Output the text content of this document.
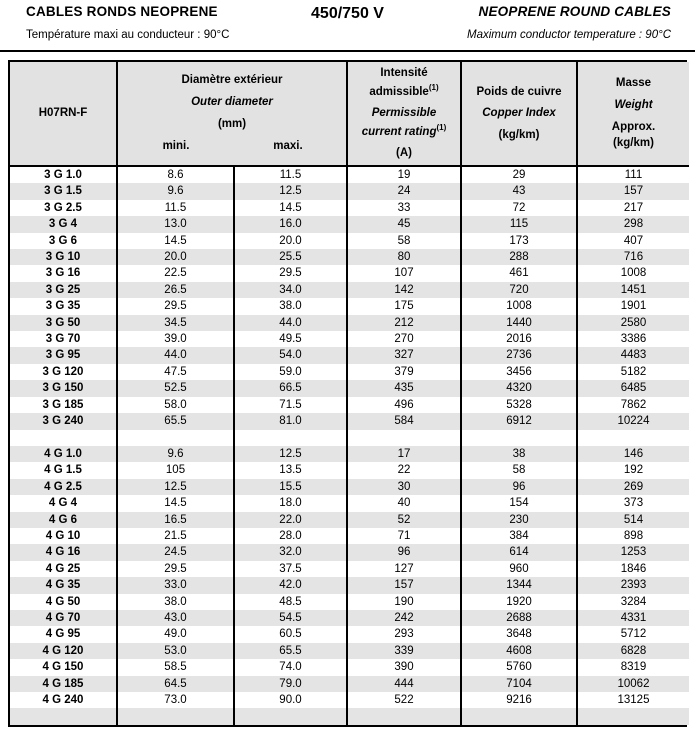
CABLES RONDS NEOPRENE	450/750 V	NEOPRENE ROUND CABLES
Température maxi au conducteur : 90°C	Maximum conductor temperature : 90°C
H07RN-F

Diamètre extérieur
Outer diameter
(mm)
mini.	maxi.

Intensité
admissible$^{(1)}$
Permissible
current rating$^{(1)}$
(A)

Poids de cuivre
Copper Index
(kg/km)

Masse
Weight
Approx.
(kg/km)

3 G 1.0	8.6	11.5	19	29	111
3 G 1.5	9.6	12.5	24	43	157
3 G 2.5	11.5	14.5	33	72	217
3 G 4	13.0	16.0	45	115	298
3 G 6	14.5	20.0	58	173	407
3 G 10	20.0	25.5	80	288	716
3 G 16	22.5	29.5	107	461	1008
3 G 25	26.5	34.0	142	720	1451
3 G 35	29.5	38.0	175	1008	1901
3 G 50	34.5	44.0	212	1440	2580
3 G 70	39.0	49.5	270	2016	3386
3 G 95	44.0	54.0	327	2736	4483
3 G 120	47.5	59.0	379	3456	5182
3 G 150	52.5	66.5	435	4320	6485
3 G 185	58.0	71.5	496	5328	7862
3 G 240	65.5	81.0	584	6912	10224

4 G 1.0	9.6	12.5	17	38	146
4 G 1.5	105	13.5	22	58	192
4 G 2.5	12.5	15.5	30	96	269
4 G 4	14.5	18.0	40	154	373
4 G 6	16.5	22.0	52	230	514
4 G 10	21.5	28.0	71	384	898
4 G 16	24.5	32.0	96	614	1253
4 G 25	29.5	37.5	127	960	1846
4 G 35	33.0	42.0	157	1344	2393
4 G 50	38.0	48.5	190	1920	3284
4 G 70	43.0	54.5	242	2688	4331
4 G 95	49.0	60.5	293	3648	5712
4 G 120	53.0	65.5	339	4608	6828
4 G 150	58.5	74.0	390	5760	8319
4 G 185	64.5	79.0	444	7104	10062
4 G 240	73.0	90.0	522	9216	13125
